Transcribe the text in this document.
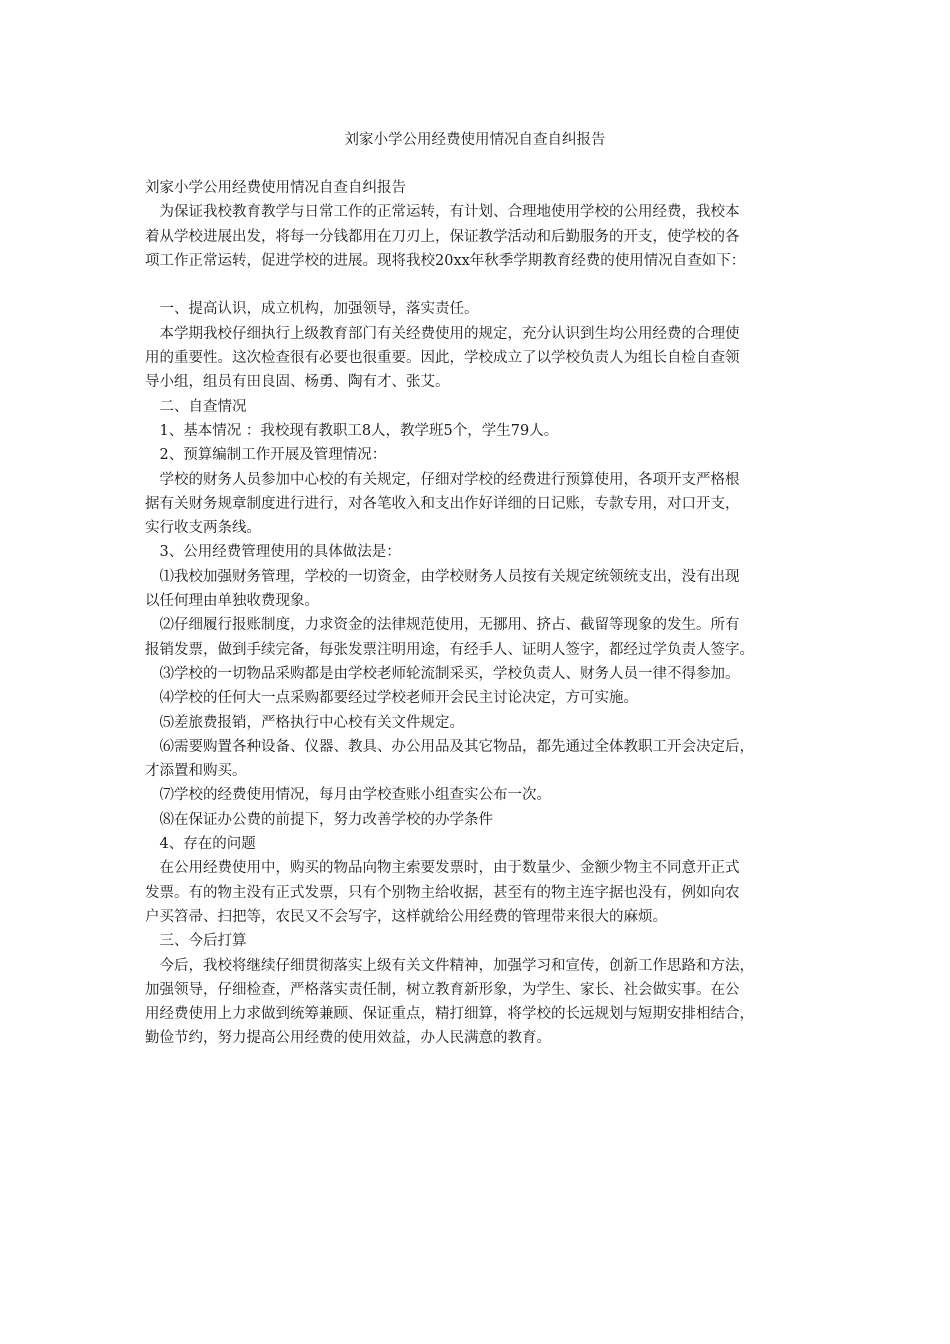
刘家小学公用经费使用情况自查自纠报告
刘家小学公用经费使用情况自查自纠报告
　为保证我校教育教学与日常工作的正常运转，有计划、合理地使用学校的公用经费，我校本
着从学校进展出发，将每一分钱都用在刀刃上，保证教学活动和后勤服务的开支，使学校的各
项工作正常运转，促进学校的进展。现将我校20xx年秋季学期教育经费的使用情况自查如下：
　一、提高认识，成立机构，加强领导，落实责任。
　本学期我校仔细执行上级教育部门有关经费使用的规定，充分认识到生均公用经费的合理使
用的重要性。这次检查很有必要也很重要。因此，学校成立了以学校负责人为组长自检自查领
导小组，组员有田良固、杨勇、陶有才、张艾。
　二、自查情况
　1、基本情况 ：我校现有教职工8人，教学班5个，学生79人。
　2、预算编制工作开展及管理情况：
　学校的财务人员参加中心校的有关规定，仔细对学校的经费进行预算使用，各项开支严格根
据有关财务规章制度进行进行，对各笔收入和支出作好详细的日记账，专款专用，对口开支，
实行收支两条线。
　3、公用经费管理使用的具体做法是：
　⑴我校加强财务管理，学校的一切资金，由学校财务人员按有关规定统领统支出，没有出现
以任何理由单独收费现象。
　⑵仔细履行报账制度，力求资金的法律规范使用，无挪用、挤占、截留等现象的发生。所有
报销发票，做到手续完备，每张发票注明用途，有经手人、证明人签字，都经过学负责人签字。
　⑶学校的一切物品采购都是由学校老师轮流制采买，学校负责人、财务人员一律不得参加。
　⑷学校的任何大一点采购都要经过学校老师开会民主讨论决定，方可实施。
　⑸差旅费报销，严格执行中心校有关文件规定。
　⑹需要购置各种设备、仪器、教具、办公用品及其它物品，都先通过全体教职工开会决定后，
才添置和购买。
　⑺学校的经费使用情况，每月由学校查账小组查实公布一次。
　⑻在保证办公费的前提下，努力改善学校的办学条件
　4、存在的问题
　在公用经费使用中，购买的物品向物主索要发票时，由于数量少、金额少物主不同意开正式
发票。有的物主没有正式发票，只有个别物主给收据，甚至有的物主连字据也没有，例如向农
户买笤帚、扫把等，农民又不会写字，这样就给公用经费的管理带来很大的麻烦。
　三、今后打算
　今后，我校将继续仔细贯彻落实上级有关文件精神，加强学习和宣传，创新工作思路和方法，
加强领导，仔细检查，严格落实责任制，树立教育新形象，为学生、家长、社会做实事。在公
用经费使用上力求做到统筹兼顾、保证重点，精打细算，将学校的长远规划与短期安排相结合，
勤俭节约，努力提高公用经费的使用效益，办人民满意的教育。
